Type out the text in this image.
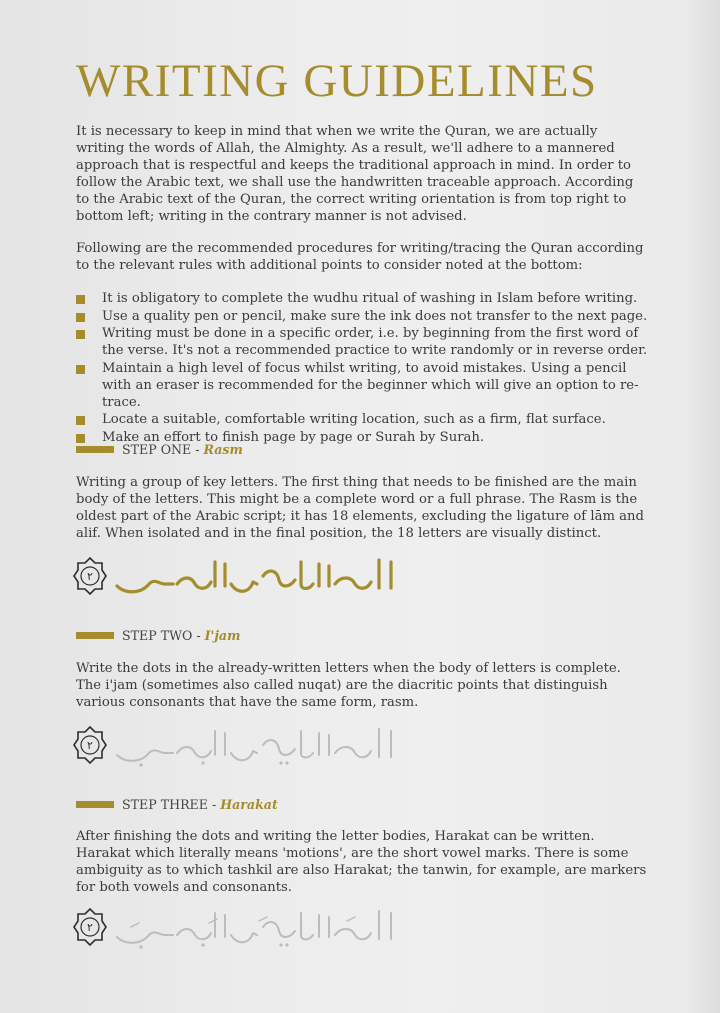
WRITING GUIDELINES

It is necessary to keep in mind that when we write the Quran, we are actually writing the words of Allah, the Almighty. As a result, we'll adhere to a mannered approach that is respectful and keeps the traditional approach in mind. In order to follow the Arabic text, we shall use the handwritten traceable approach. According to the Arabic text of the Quran, the correct writing orientation is from top right to bottom left; writing in the contrary manner is not advised.

Following are the recommended procedures for writing/tracing the Quran according to the relevant rules with additional points to consider noted at the bottom:

It is obligatory to complete the wudhu ritual of washing in Islam before writing.
Use a quality pen or pencil, make sure the ink does not transfer to the next page.
Writing must be done in a specific order, i.e. by beginning from the first word of the verse. It's not a recommended practice to write randomly or in reverse order.
Maintain a high level of focus whilst writing, to avoid mistakes. Using a pencil with an eraser is recommended for the beginner which will give an option to re-trace.
Locate a suitable, comfortable writing location, such as a firm, flat surface.
Make an effort to finish page by page or Surah by Surah.
STEP ONE - Rasm

Writing a group of key letters. The first thing that needs to be finished are the main body of the letters. This might be a complete word or a full phrase. The Rasm is the oldest part of the Arabic script; it has 18 elements, excluding the ligature of lām and alif. When isolated and in the final position, the 18 letters are visually distinct.

٢
STEP TWO - I'jam

Write the dots in the already-written letters when the body of letters is complete. The i'jam (sometimes also called nuqat) are the diacritic points that distinguish various consonants that have the same form, rasm.

٢
STEP THREE - Harakat

After finishing the dots and writing the letter bodies, Harakat can be written. Harakat which literally means 'motions', are the short vowel marks. There is some ambiguity as to which tashkil are also Harakat; the tanwin, for example, are markers for both vowels and consonants.

٢
